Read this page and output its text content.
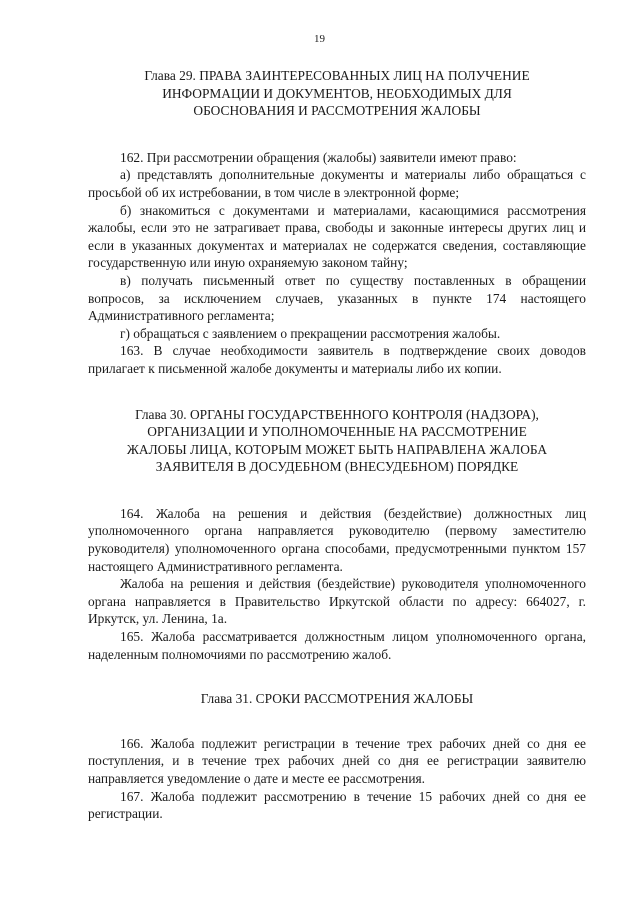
19
Глава 29. ПРАВА ЗАИНТЕРЕСОВАННЫХ ЛИЦ НА ПОЛУЧЕНИЕ
ИНФОРМАЦИИ И ДОКУМЕНТОВ, НЕОБХОДИМЫХ ДЛЯ
ОБОСНОВАНИЯ И РАССМОТРЕНИЯ ЖАЛОБЫ

162. При рассмотрении обращения (жалобы) заявители имеют право:

а) представлять дополнительные документы и материалы либо обращаться с просьбой об их истребовании, в том числе в электронной форме;

б) знакомиться с документами и материалами, касающимися рассмотрения жалобы, если это не затрагивает права, свободы и законные интересы других лиц и если в указанных документах и материалах не содержатся сведения, составляющие государственную или иную охраняемую законом тайну;

в) получать письменный ответ по существу поставленных в обращении вопросов, за исключением случаев, указанных в пункте 174 настоящего Административного регламента;

г) обращаться с заявлением о прекращении рассмотрения жалобы.

163. В случае необходимости заявитель в подтверждение своих доводов прилагает к письменной жалобе документы и материалы либо их копии.

Глава 30. ОРГАНЫ ГОСУДАРСТВЕННОГО КОНТРОЛЯ (НАДЗОРА),
ОРГАНИЗАЦИИ И УПОЛНОМОЧЕННЫЕ НА РАССМОТРЕНИЕ
ЖАЛОБЫ ЛИЦА, КОТОРЫМ МОЖЕТ БЫТЬ НАПРАВЛЕНА ЖАЛОБА
ЗАЯВИТЕЛЯ В ДОСУДЕБНОМ (ВНЕСУДЕБНОМ) ПОРЯДКЕ

164. Жалоба на решения и действия (бездействие) должностных лиц уполномоченного органа направляется руководителю (первому заместителю руководителя) уполномоченного органа способами, предусмотренными пунктом 157 настоящего Административного регламента.

Жалоба на решения и действия (бездействие) руководителя уполномоченного органа направляется в Правительство Иркутской области по адресу: 664027, г. Иркутск, ул. Ленина, 1а.

165. Жалоба рассматривается должностным лицом уполномоченного органа, наделенным полномочиями по рассмотрению жалоб.

Глава 31. СРОКИ РАССМОТРЕНИЯ ЖАЛОБЫ

166. Жалоба подлежит регистрации в течение трех рабочих дней со дня ее поступления, и в течение трех рабочих дней со дня ее регистрации заявителю направляется уведомление о дате и месте ее рассмотрения.

167. Жалоба подлежит рассмотрению в течение 15 рабочих дней со дня ее регистрации.
